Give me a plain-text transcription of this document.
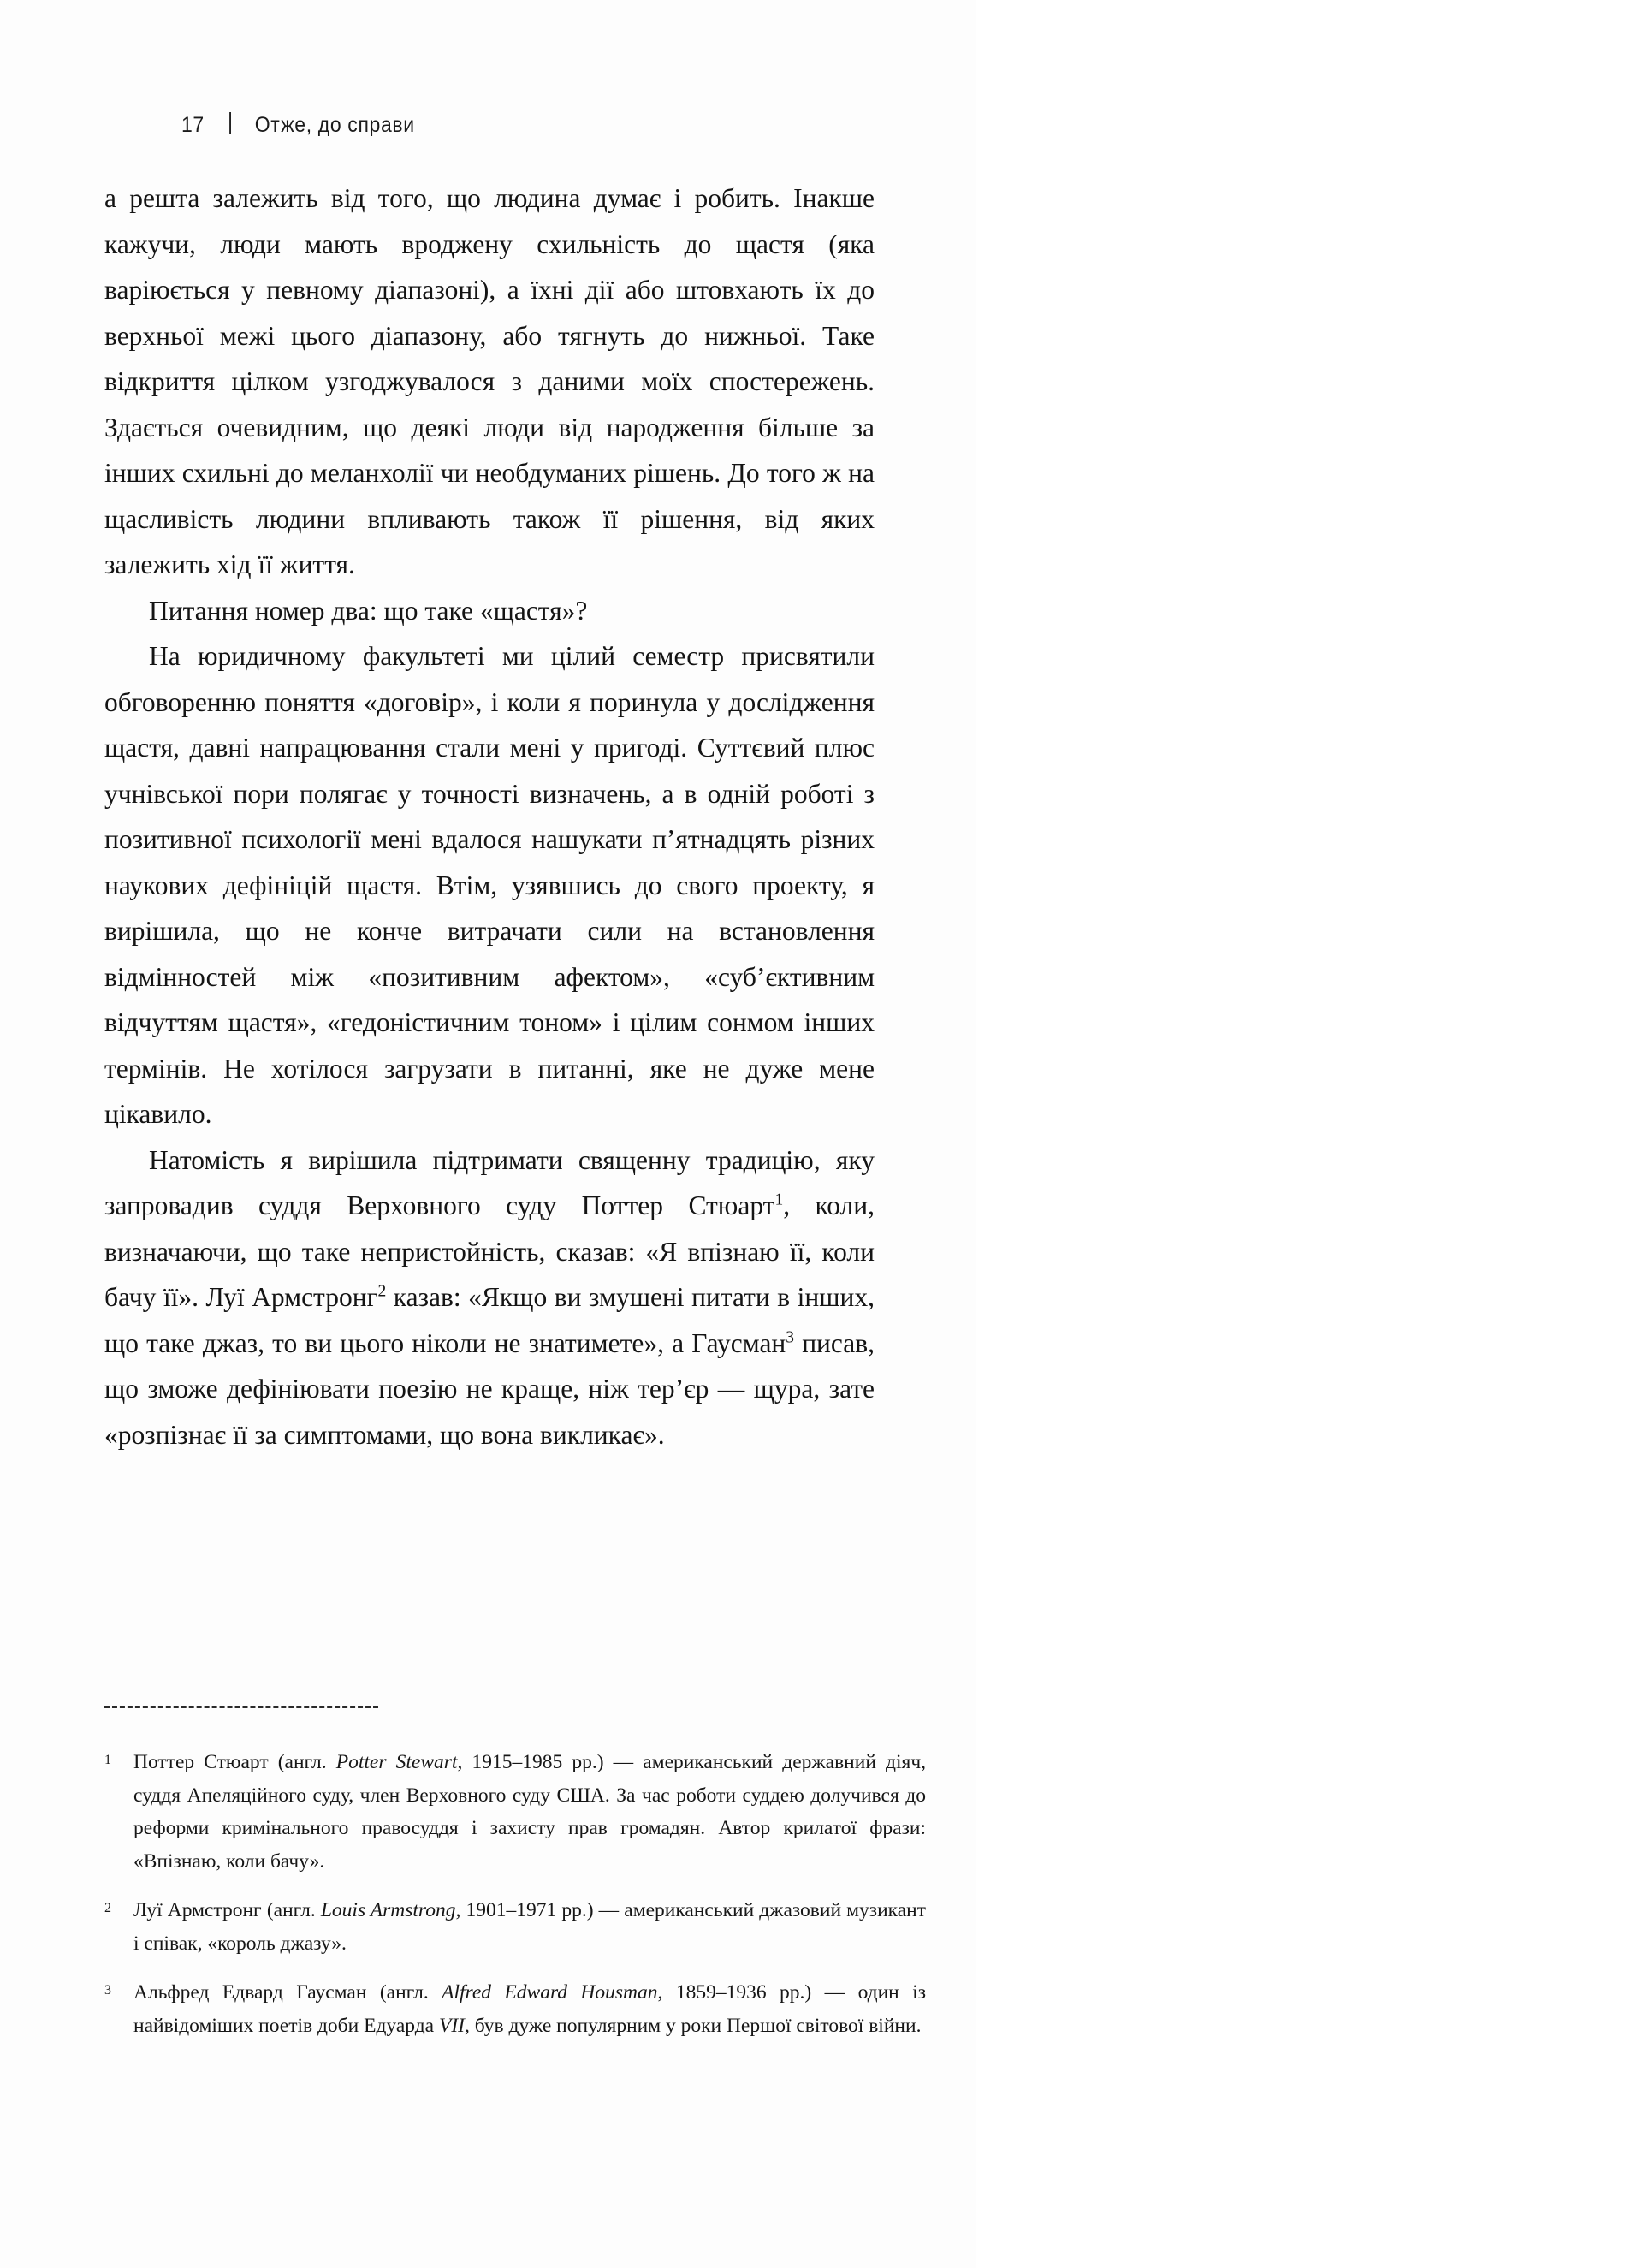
17 Отже, до справи

а решта залежить від того, що людина думає і робить. Інакше кажучи, люди мають вроджену схильність до щастя (яка варіюється у певному діапазоні), а їхні дії або штовхають їх до верхньої межі цього діапазону, або тягнуть до нижньої. Таке відкриття цілком узгоджувалося з даними моїх спостережень. Здається очевидним, що деякі люди від народження більше за інших схильні до меланхолії чи необдуманих рішень. До того ж на щасливість людини впливають також її рішення, від яких залежить хід її життя.

Питання номер два: що таке «щастя»?

На юридичному факультеті ми цілий семестр присвятили обговоренню поняття «договір», і коли я поринула у дослідження щастя, давні напрацювання стали мені у пригоді. Суттєвий плюс учнівської пори полягає у точності визначень, а в одній роботі з позитивної психології мені вдалося нашукати п’ятнадцять різних наукових дефініцій щастя. Втім, узявшись до свого проекту, я вирішила, що не конче витрачати сили на встановлення відмінностей між «позитивним афектом», «суб’єктивним відчуттям щастя», «гедоністичним тоном» і цілим сонмом інших термінів. Не хотілося загрузати в питанні, яке не дуже мене цікавило.

Натомість я вирішила підтримати священну традицію, яку запровадив суддя Верховного суду Поттер Стюарт$^1$, коли, визначаючи, що таке непристойність, сказав: «Я впізнаю її, коли бачу її». Луї Армстронг$^2$ казав: «Якщо ви змушені питати в інших, що таке джаз, то ви цього ніколи не знатимете», а Гаусман$^3$ писав, що зможе дефініювати поезію не краще, ніж тер’єр — щура, зате «розпізнає її за симптомами, що вона викликає».

1	Поттер Стюарт (англ. Potter Stewart, 1915–1985 рр.) — американський державний діяч, суддя Апеляційного суду, член Верховного суду США. За час роботи суддею долучився до реформи кримінального правосуддя і захисту прав громадян. Автор крилатої фрази: «Впізнаю, коли бачу».
2	Луї Армстронг (англ. Louis Armstrong, 1901–1971 рр.) — американський джазовий музикант і співак, «король джазу».
3	Альфред Едвард Гаусман (англ. Alfred Edward Housman, 1859–1936 рр.) — один із найвідоміших поетів доби Едуарда VII, був дуже популярним у роки Першої світової війни.
